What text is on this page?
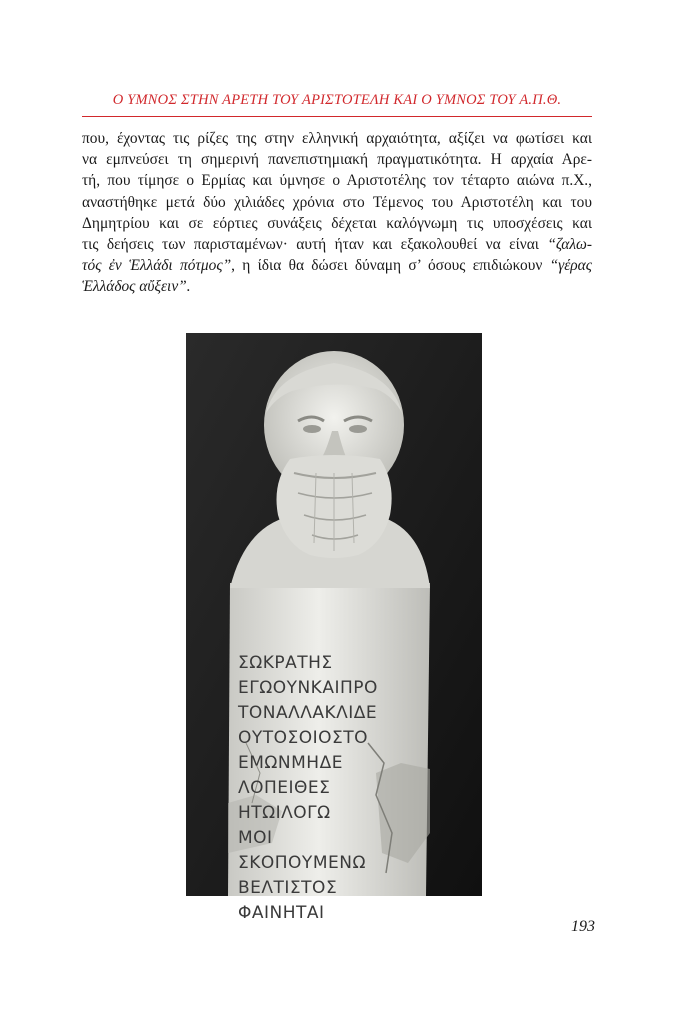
Ο ΥΜΝΟΣ ΣΤΗΝ ΑΡΕΤΗ ΤΟΥ ΑΡΙΣΤΟΤΕΛΗ ΚΑΙ Ο ΥΜΝΟΣ ΤΟΥ Α.Π.Θ.

που, έχοντας τις ρίζες της στην ελληνική αρχαιότητα, αξίζει να φωτίσει και
να εμπνεύσει τη σημερινή πανεπιστημιακή πραγματικότητα. Η αρχαία Αρε-
τή, που τίμησε ο Ερμίας και ύμνησε ο Αριστοτέλης τον τέταρτο αιώνα π.Χ.,
αναστήθηκε μετά δύο χιλιάδες χρόνια στο Τέμενος του Αριστοτέλη και του
Δημητρίου και σε εόρτιες συνάξεις δέχεται καλόγνωμη τις υποσχέσεις και
τις δεήσεις των παρισταμένων· αυτή ήταν και εξακολουθεί να είναι “ζαλω-
τός ἐν Ἑλλάδι πότμος”, η ίδια θα δώσει δύναμη σ’ όσους επιδιώκουν “γέρας
Ἑλλάδος αὔξειν”.

ΣΩΚΡΑΤΗΣ
ΕΓΩΟΥΝΚΑΙΠΡΟ
ΤΟΝΑΛΛΑΚΛΙΔΕ
ΟΥΤΟΣΟΙΟΣΤΟ
ΕΜΩΝΜΗΔΕ
ΛΟΠΕΙΘΕΣ
ΗΤΩΙΛΟΓΩ
ΜΟΙ
ΣΚΟΠΟΥΜΕΝΩ
ΒΕΛΤΙΣΤΟΣ
ΦΑΙΝΗΤΑΙ
193
